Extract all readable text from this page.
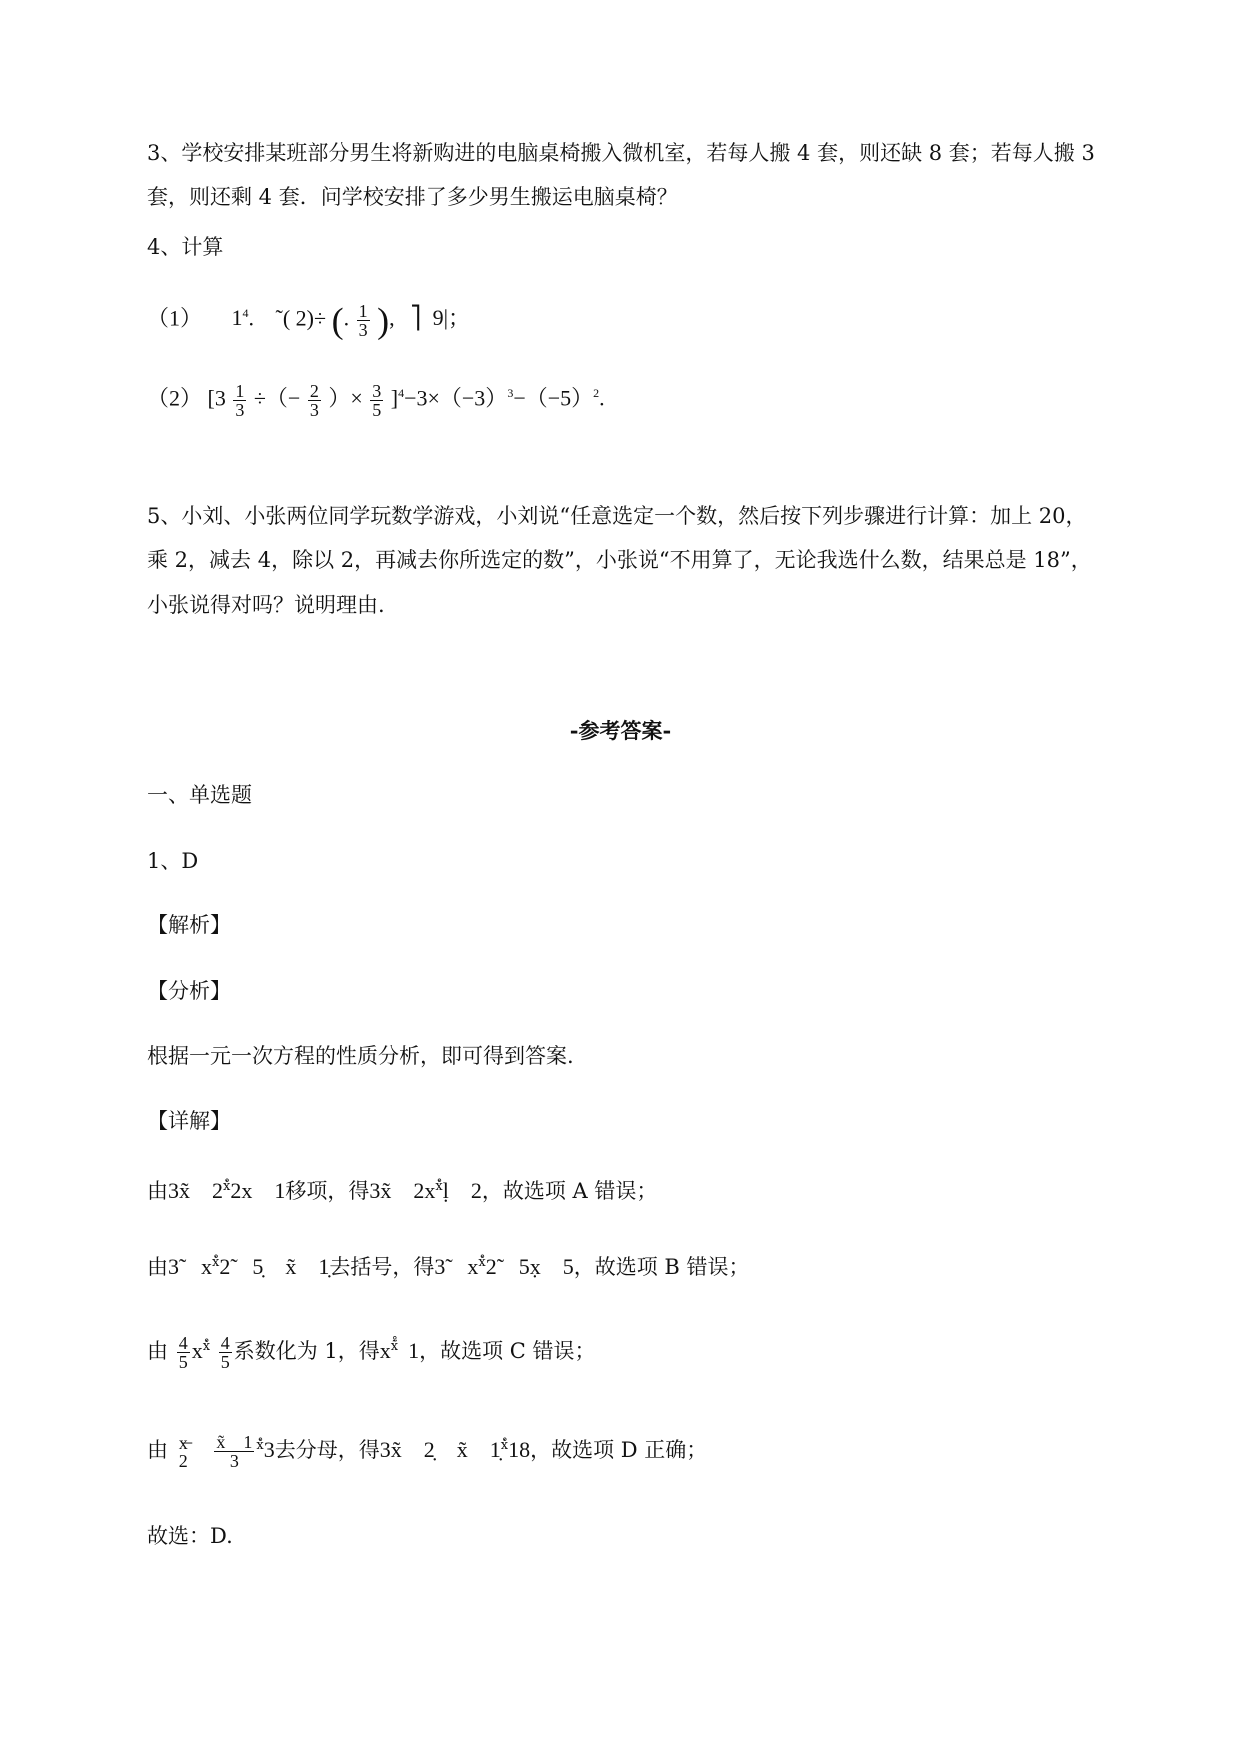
3、学校安排某班部分男生将新购进的电脑桌椅搬入微机室，若每人搬 4 套，则还缺 8 套；若每人搬 3
套，则还剩 4 套．问学校安排了多少男生搬运电脑桌椅？
4、计算
（1） $1^4$. ˜( 2)÷ (. $\frac{1}{3}$ ), ⎤ 9|；
（2） [$3 \frac{1}{3}$ ÷（− $\frac{2}{3}$ ）× $\frac{3}{5} ]^4-3\times(-3)^3-(-5)^2$.
5、小刘、小张两位同学玩数学游戏，小刘说“任意选定一个数，然后按下列步骤进行计算：加上 20，
乘 2，减去 4，除以 2，再减去你所选定的数”，小张说“不用算了，无论我选什么数，结果总是 18”，
小张说得对吗？说明理由.
-参考答案-
一、单选题
1、D
【解析】
【分析】
根据一元一次方程的性质分析，即可得到答案.
【详解】
由3x̃　$2^{ẋ̊}2x$　1移项，得3x̃　$2x^{ẋ̊}ḷ$　2，故选项 A 错误；
由3̃　$x^{ẋ̊}2̃$　5̣　x̃　1̣去括号，得3̃　$x^{ẋ̊}2̃$　5x̣　5，故选项 B 错误；
由 $\frac{4}{5} x^{ẋ̊} \frac{4}{5}$ 系数化为 1，得$x^{ẋ̃̊}$ 1，故选项 C 错误；
由 x̶
2
$\frac{x̃ 1}{3} ^{ẋ̊}3$去分母，得3x̃　2̣　x̃　1̣$^{ẋ̊}$18，故选项 D 正确；
故选：D.
